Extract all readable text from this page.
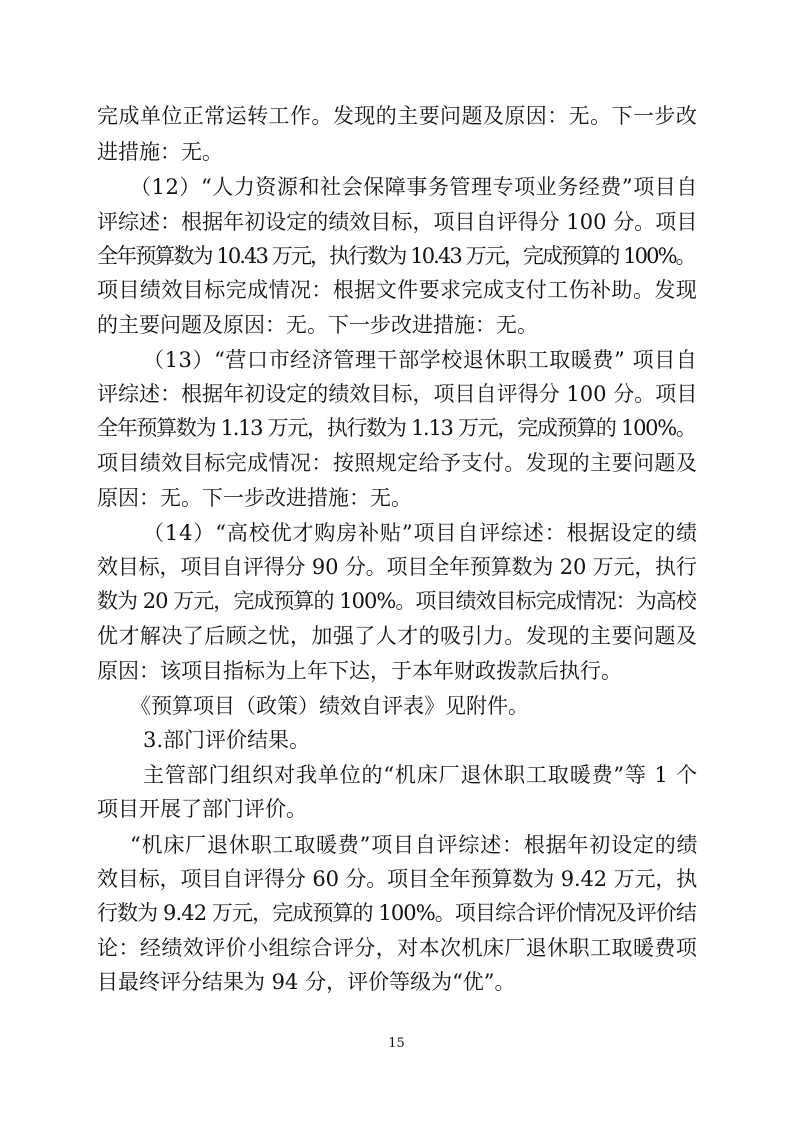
完成单位正常运转工作。发现的主要问题及原因：无。下一步改
进措施：无。
（12）“人力资源和社会保障事务管理专项业务经费”项目自
评综述：根据年初设定的绩效目标，项目自评得分 100 分。项目
全年预算数为 10.43 万元，执行数为 10.43 万元，完成预算的 100%。
项目绩效目标完成情况：根据文件要求完成支付工伤补助。发现
的主要问题及原因：无。下一步改进措施：无。
（13）“营口市经济管理干部学校退休职工取暖费” 项目自
评综述：根据年初设定的绩效目标，项目自评得分 100 分。项目
全年预算数为 1.13 万元，执行数为 1.13 万元，完成预算的 100%。
项目绩效目标完成情况：按照规定给予支付。发现的主要问题及
原因：无。下一步改进措施：无。
（14）“高校优才购房补贴”项目自评综述：根据设定的绩
效目标，项目自评得分 90 分。项目全年预算数为 20 万元，执行
数为 20 万元，完成预算的 100%。项目绩效目标完成情况：为高校
优才解决了后顾之忧，加强了人才的吸引力。发现的主要问题及
原因：该项目指标为上年下达，于本年财政拨款后执行。
《预算项目（政策）绩效自评表》见附件。
3.部门评价结果。
主管部门组织对我单位的“机床厂退休职工取暖费”等 1 个
项目开展了部门评价。
“机床厂退休职工取暖费”项目自评综述：根据年初设定的绩
效目标，项目自评得分 60 分。项目全年预算数为 9.42 万元，执
行数为 9.42 万元，完成预算的 100%。项目综合评价情况及评价结
论：经绩效评价小组综合评分，对本次机床厂退休职工取暖费项
目最终评分结果为 94 分，评价等级为“优”。
15
